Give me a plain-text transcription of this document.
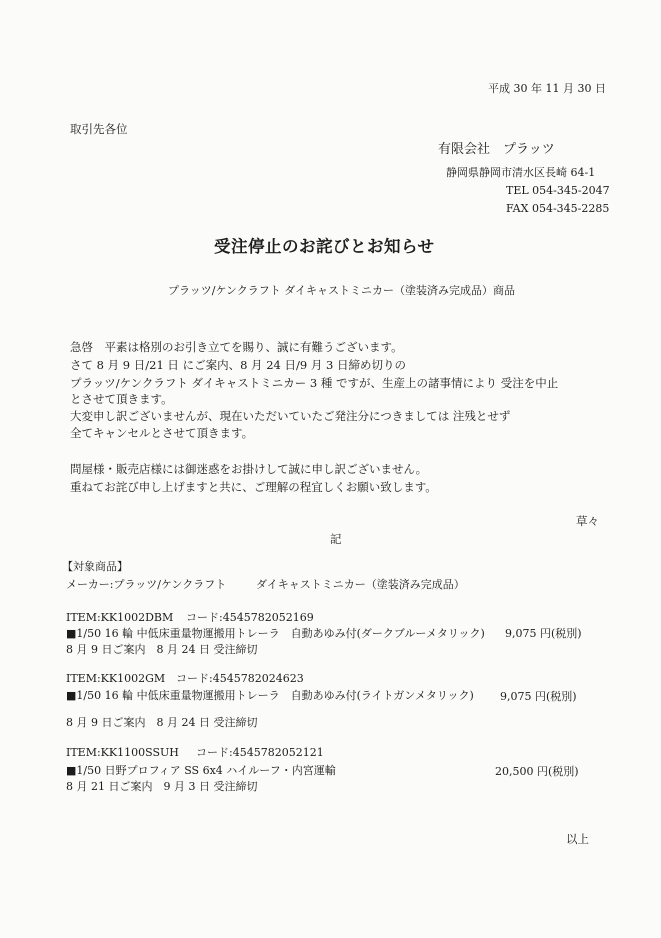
平成 30 年 11 月 30 日
取引先各位
有限会社　プラッツ
静岡県静岡市清水区長崎 64-1
TEL 054-345-2047
FAX 054-345-2285
受注停止のお詫びとお知らせ
プラッツ/ケンクラフト ダイキャストミニカー（塗装済み完成品）商品
急啓　平素は格別のお引き立てを賜り、誠に有難うございます。
さて 8 月 9 日/21 日 にご案内、8 月 24 日/9 月 3 日締め切りの
プラッツ/ケンクラフト ダイキャストミニカー 3 種 ですが、生産上の諸事情により 受注を中止
とさせて頂きます。
大変申し訳ございませんが、現在いただいていたご発注分につきましては 注残とせず
全てキャンセルとさせて頂きます。
問屋様・販売店様には御迷惑をお掛けして誠に申し訳ございません。
重ねてお詫び申し上げますと共に、ご理解の程宜しくお願い致します。
草々
記
【対象商品】
メーカー:プラッツ/ケンクラフト	ダイキャストミニカー（塗装済み完成品）
ITEM:KK1002DBM コード:4545782052169
■1/50 16 輪 中低床重量物運搬用トレーラ　自動あゆみ付(ダークブルーメタリック) 9,075 円(税別)
8 月 9 日ご案内　8 月 24 日 受注締切
ITEM:KK1002GM コード:4545782024623
■1/50 16 輪 中低床重量物運搬用トレーラ　自動あゆみ付(ライトガンメタリック) 9,075 円(税別)
8 月 9 日ご案内　8 月 24 日 受注締切
ITEM:KK1100SSUH コード:4545782052121
■1/50 日野プロフィア SS 6x4 ハイルーフ・内宮運輸	20,500 円(税別)
8 月 21 日ご案内　9 月 3 日 受注締切
以上
